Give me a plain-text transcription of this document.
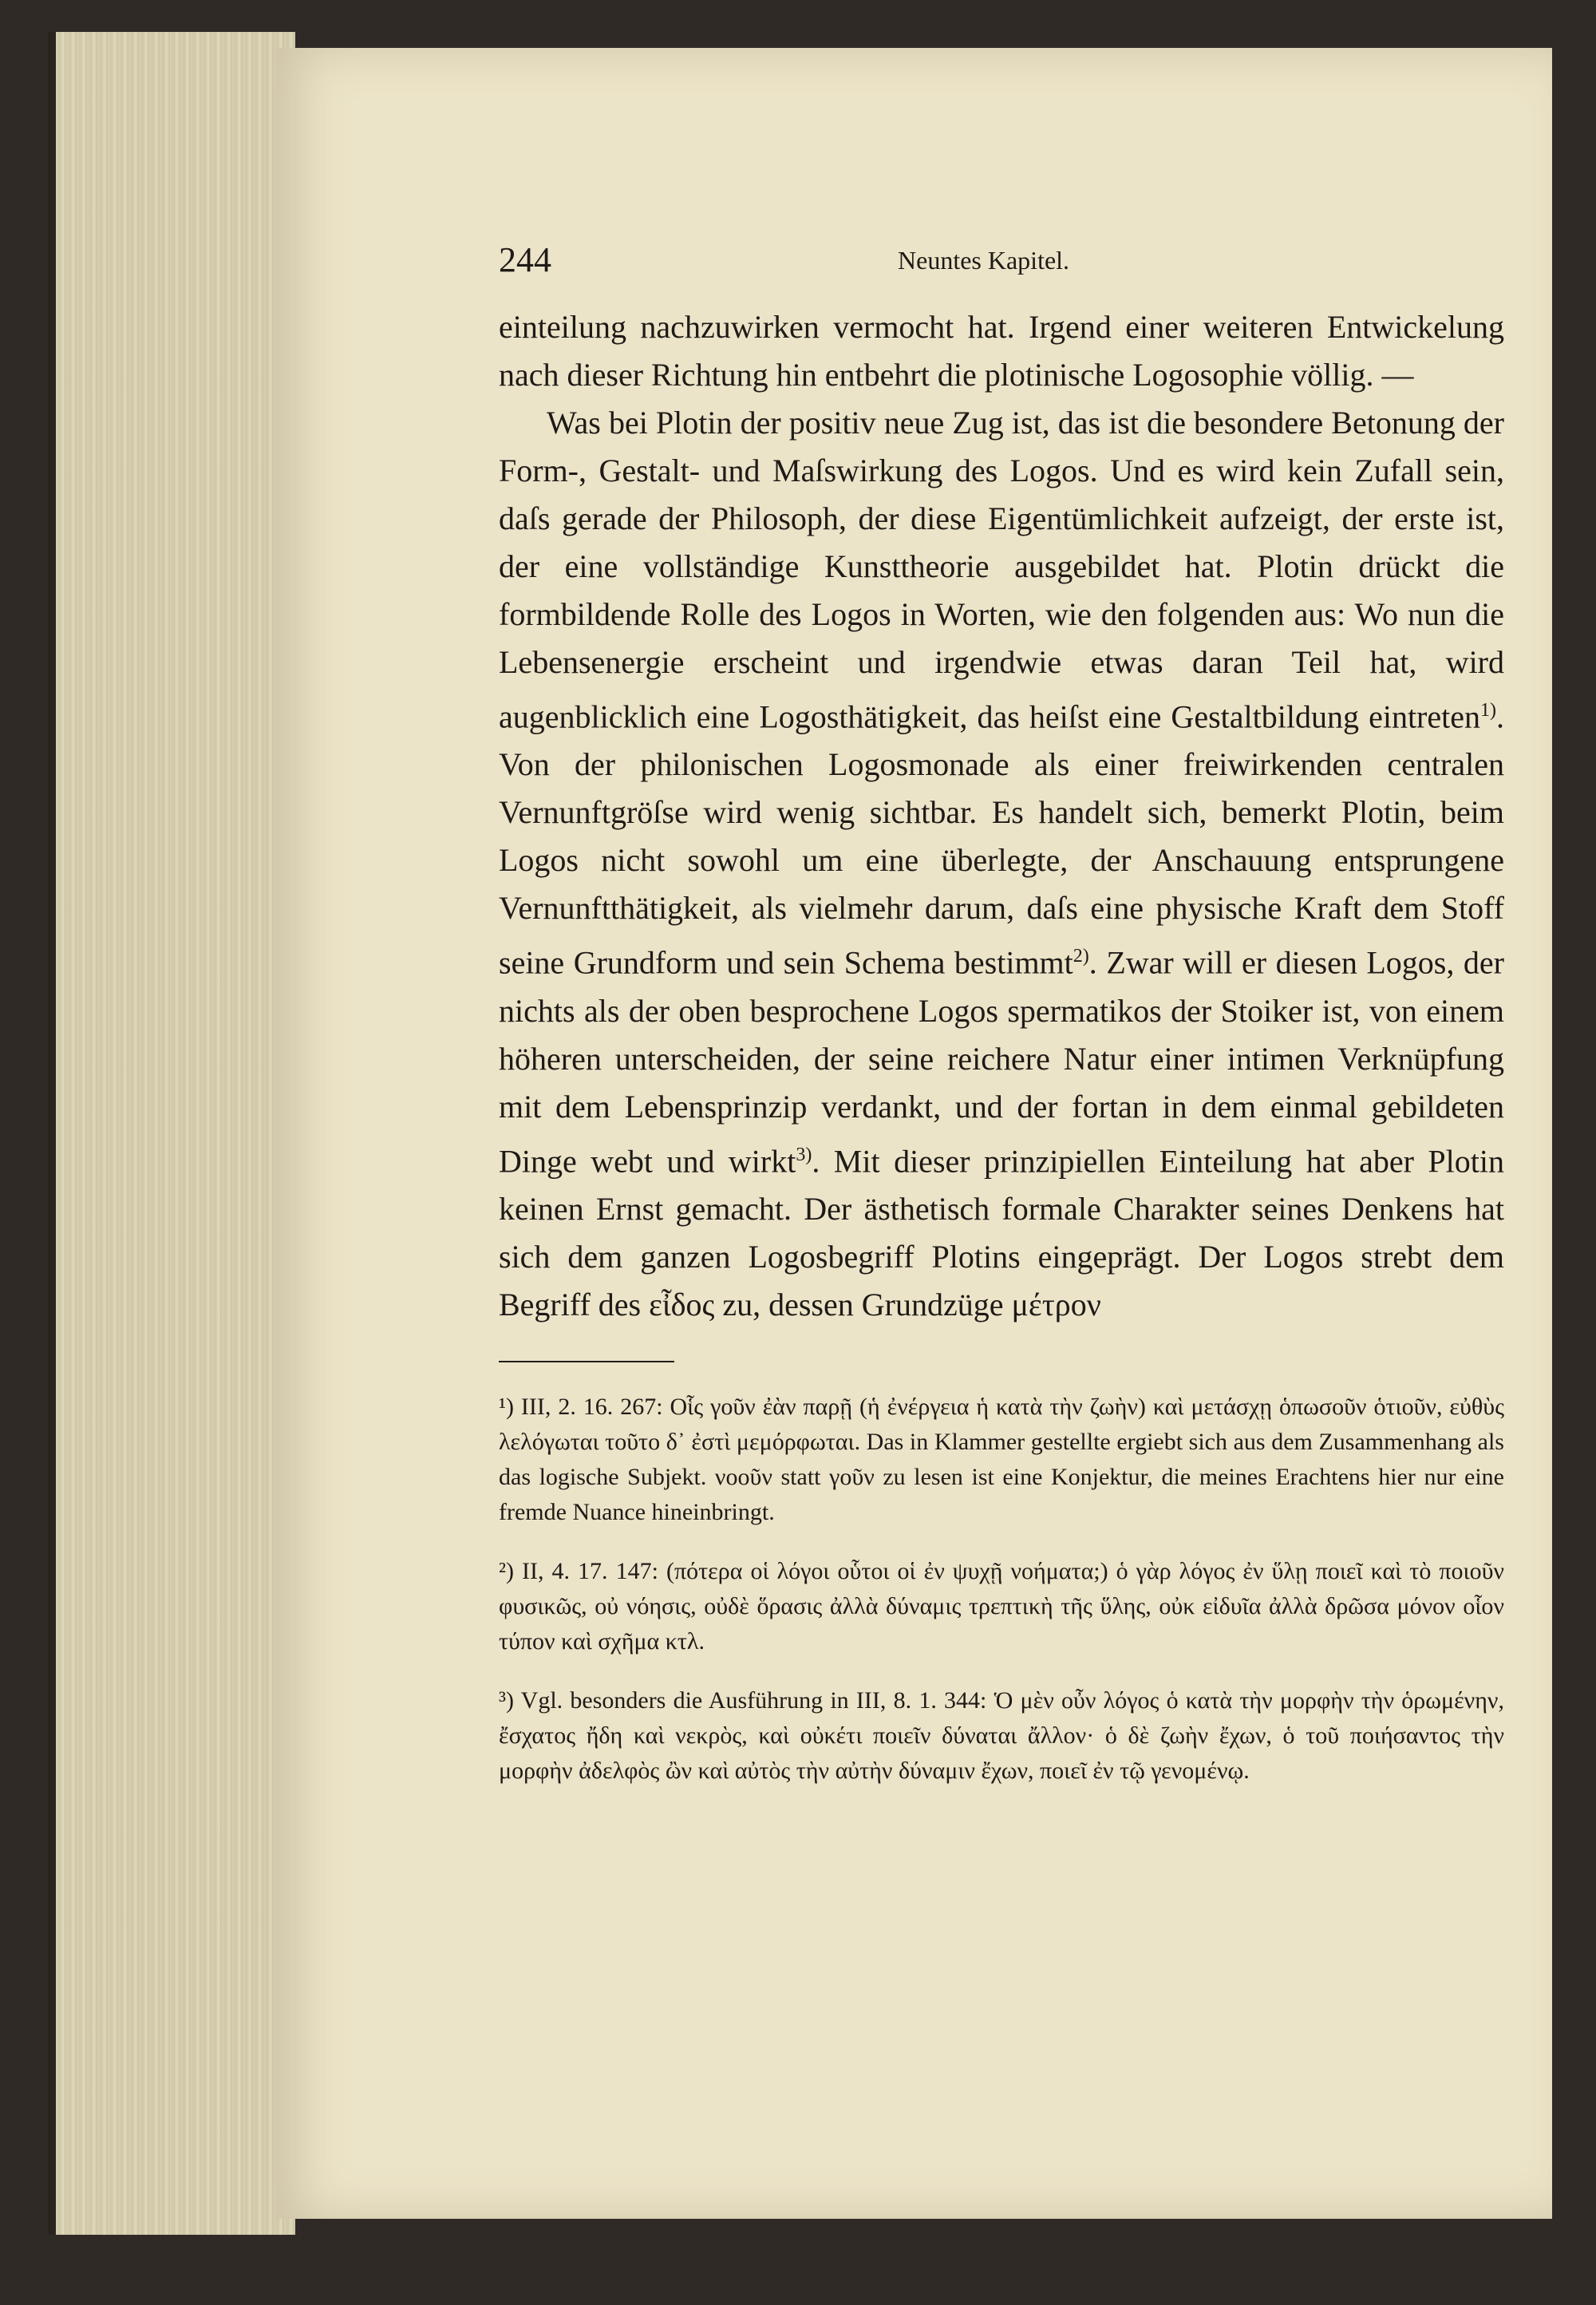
244	Neuntes Kapitel.

einteilung nachzuwirken vermocht hat. Irgend einer weiteren Entwickelung nach dieser Richtung hin entbehrt die plotinische Logosophie völlig. —

Was bei Plotin der positiv neue Zug ist, das ist die besondere Betonung der Form-, Gestalt- und Maſswirkung des Logos. Und es wird kein Zufall sein, daſs gerade der Philosoph, der diese Eigentümlichkeit aufzeigt, der erste ist, der eine vollständige Kunsttheorie ausgebildet hat. Plotin drückt die formbildende Rolle des Logos in Worten, wie den folgenden aus: Wo nun die Lebensenergie erscheint und irgendwie etwas daran Teil hat, wird augenblicklich eine Logosthätigkeit, das heiſst eine Gestaltbildung eintreten$^{1)}$. Von der philonischen Logosmonade als einer freiwirkenden centralen Vernunftgröſse wird wenig sichtbar. Es handelt sich, bemerkt Plotin, beim Logos nicht sowohl um eine überlegte, der Anschauung entsprungene Vernunftthätigkeit, als vielmehr darum, daſs eine physische Kraft dem Stoff seine Grundform und sein Schema bestimmt$^{2)}$. Zwar will er diesen Logos, der nichts als der oben besprochene Logos spermatikos der Stoiker ist, von einem höheren unterscheiden, der seine reichere Natur einer intimen Verknüpfung mit dem Lebensprinzip verdankt, und der fortan in dem einmal gebildeten Dinge webt und wirkt$^{3)}$. Mit dieser prinzipiellen Einteilung hat aber Plotin keinen Ernst gemacht. Der ästhetisch formale Charakter seines Denkens hat sich dem ganzen Logosbegriff Plotins eingeprägt. Der Logos strebt dem Begriff des εἶδος zu, dessen Grundzüge μέτρον

¹) III, 2. 16. 267: Οἷς γοῦν ἐὰν παρῇ (ἡ ἐνέργεια ἡ κατὰ τὴν ζωὴν) καὶ μετάσχῃ ὁπωσοῦν ὁτιοῦν, εὐθὺς λελόγωται τοῦτο δ᾽ ἐστὶ μεμόρφωται. Das in Klammer gestellte ergiebt sich aus dem Zusammenhang als das logische Subjekt. νοοῦν statt γοῦν zu lesen ist eine Konjektur, die meines Erachtens hier nur eine fremde Nuance hineinbringt.

²) II, 4. 17. 147: (πότερα οἱ λόγοι οὗτοι οἱ ἐν ψυχῇ νοήματα;) ὁ γὰρ λόγος ἐν ὕλῃ ποιεῖ καὶ τὸ ποιοῦν φυσικῶς, οὐ νόησις, οὐδὲ ὅρασις ἀλλὰ δύναμις τρεπτικὴ τῆς ὕλης, οὐκ εἰδυῖα ἀλλὰ δρῶσα μόνον οἷον τύπον καὶ σχῆμα κτλ.

³) Vgl. besonders die Ausführung in III, 8. 1. 344: Ὁ μὲν οὖν λόγος ὁ κατὰ τὴν μορφὴν τὴν ὁρωμένην, ἔσχατος ἤδη καὶ νεκρὸς, καὶ οὐκέτι ποιεῖν δύναται ἄλλον· ὁ δὲ ζωὴν ἔχων, ὁ τοῦ ποιήσαντος τὴν μορφὴν ἀδελφὸς ὢν καὶ αὐτὸς τὴν αὐτὴν δύναμιν ἔχων, ποιεῖ ἐν τῷ γενομένῳ.
